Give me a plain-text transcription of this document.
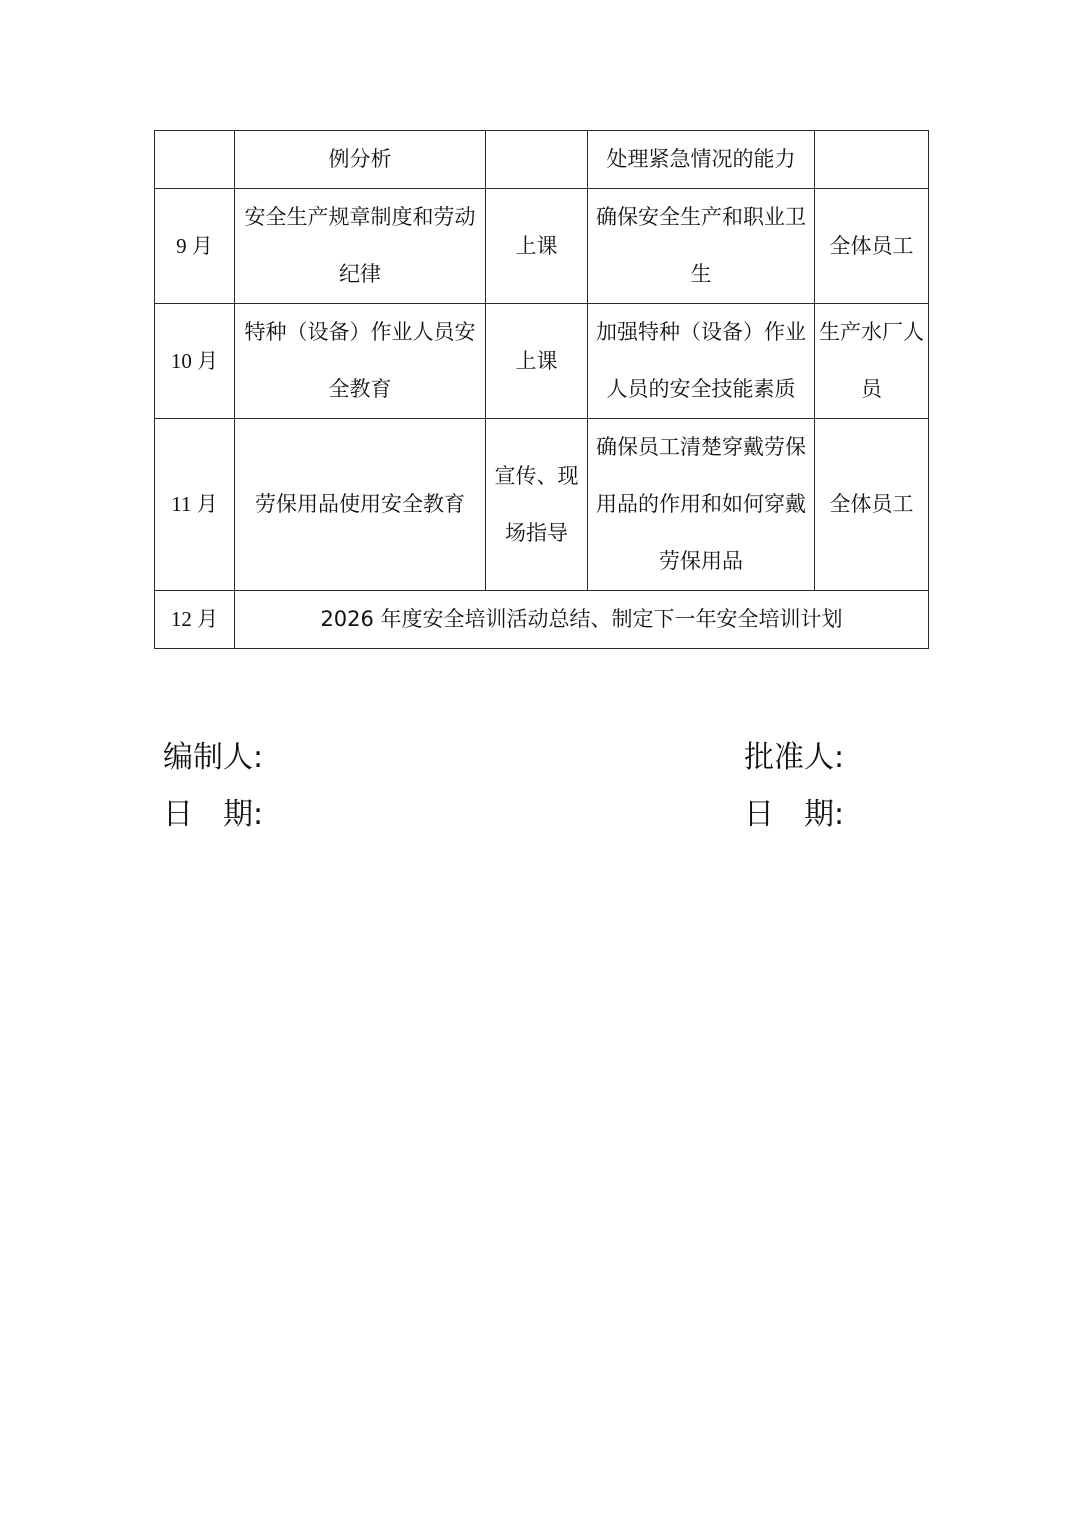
	例分析		处理紧急情况的能力	
9 月	安全生产规章制度和劳动纪律	上课	确保安全生产和职业卫生	全体员工
10 月	特种（设备）作业人员安全教育	上课	加强特种（设备）作业人员的安全技能素质	生产水厂人员
11 月	劳保用品使用安全教育	宣传、现场指导	确保员工清楚穿戴劳保用品的作用和如何穿戴劳保用品	全体员工
12 月	2026 年度安全培训活动总结、制定下一年安全培训计划			
编制人:	批准人:
日　期:	日　期:
